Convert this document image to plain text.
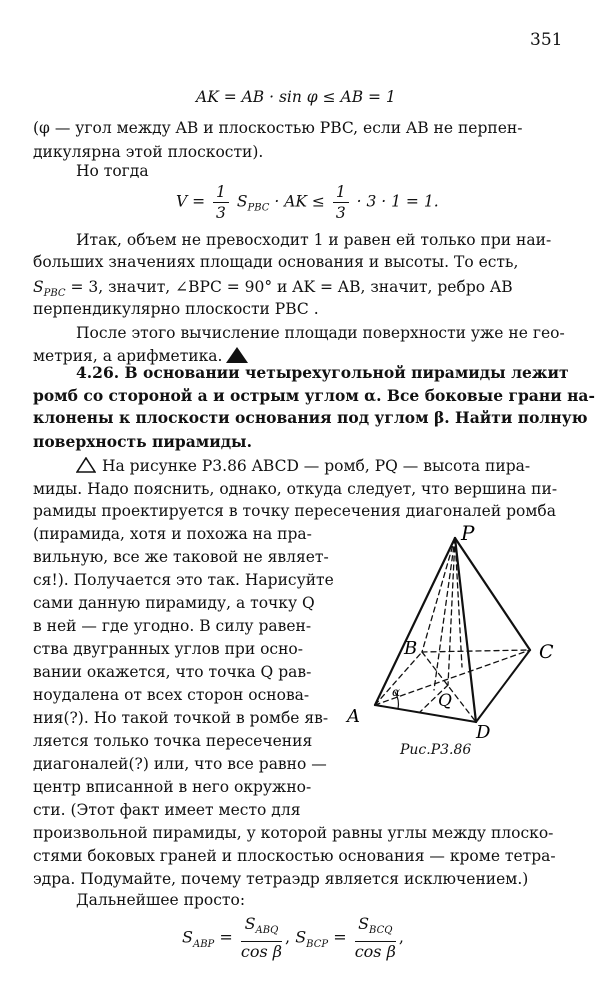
351
AK = AB · sin φ ≤ AB = 1
(φ — угол между AB и плоскостью PBC, если AB не перпен-
дикулярна этой плоскости).
Но тогда
$V = \frac{1}{3} S_{PBC}$ · AK ≤ $\frac{1}{3} \cdot 3 \cdot 1 = 1$.
Итак, объем не превосходит 1 и равен ей только при наи-
больших значениях площади основания и высоты. То есть,
$S_{PBC} = 3$, значит, ∠BPC = 90° и AK = AB, значит, ребро AB
перпендикулярно плоскости PBC .
После этого вычисление площади поверхности уже не гео-
метрия, а арифметика.
4.26. В основании четырехугольной пирамиды лежит
ромб со стороной a и острым углом α. Все боковые грани на-
клонены к плоскости основания под углом β. Найти полную
поверхность пирамиды.
На рисунке Р3.86 ABCD — ромб, PQ — высота пира-
миды. Надо пояснить, однако, откуда следует, что вершина пи-
рамиды проектируется в точку пересечения диагоналей ромба
(пирамида, хотя и похожа на пра-
вильную, все же таковой не являет-
ся!). Получается это так. Нарисуйте
сами данную пирамиду, а точку Q
в ней — где угодно. В силу равен-
ства двугранных углов при осно-
вании окажется, что точка Q рав-
ноудалена от всех сторон основа-
ния(?). Но такой точкой в ромбе яв-
ляется только точка пересечения
диагоналей(?) или, что все равно —
центр вписанной в него окружно-
сти. (Этот факт имеет место для
произвольной пирамиды, у которой равны углы между плоско-
стями боковых граней и плоскостью основания — кроме тетра-
эдра. Подумайте, почему тетраэдр является исключением.)
Дальнейшее просто:
P
B	C
A
D
Q
α
Рис.Р3.86
$S_{ABP} = \frac{S_{ABQ}}{\text{cos β}}$ , $S_{BCP} = \frac{S_{BCQ}}{\text{cos β}}$ ,
